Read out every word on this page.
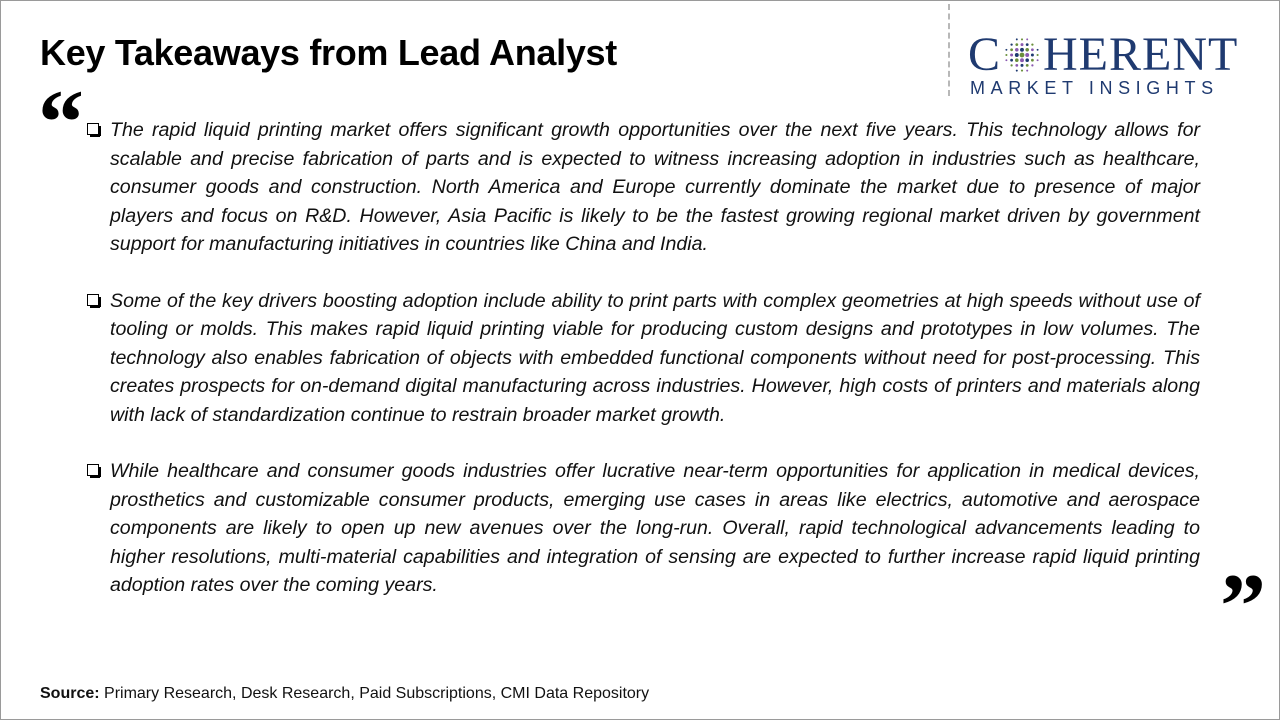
Key Takeaways from Lead Analyst	C HERENT
MARKET INSIGHTS

“ The rapid liquid printing market offers significant growth opportunities over the next five years. This technology allows for scalable and precise fabrication of parts and is expected to witness increasing adoption in industries such as healthcare, consumer goods and construction. North America and Europe currently dominate the market due to presence of major players and focus on R&D. However, Asia Pacific is likely to be the fastest growing regional market driven by government support for manufacturing initiatives in countries like China and India.

Some of the key drivers boosting adoption include ability to print parts with complex geometries at high speeds without use of tooling or molds. This makes rapid liquid printing viable for producing custom designs and prototypes in low volumes. The technology also enables fabrication of objects with embedded functional components without need for post-processing. This creates prospects for on-demand digital manufacturing across industries. However, high costs of printers and materials along with lack of standardization continue to restrain broader market growth.

While healthcare and consumer goods industries offer lucrative near-term opportunities for application in medical devices, prosthetics and customizable consumer products, emerging use cases in areas like electrics, automotive and aerospace components are likely to open up new avenues over the long-run. Overall, rapid technological advancements leading to higher resolutions, multi-material capabilities and integration of sensing are expected to further increase rapid liquid printing adoption rates over the coming years.	”

Source: Primary Research, Desk Research, Paid Subscriptions, CMI Data Repository
